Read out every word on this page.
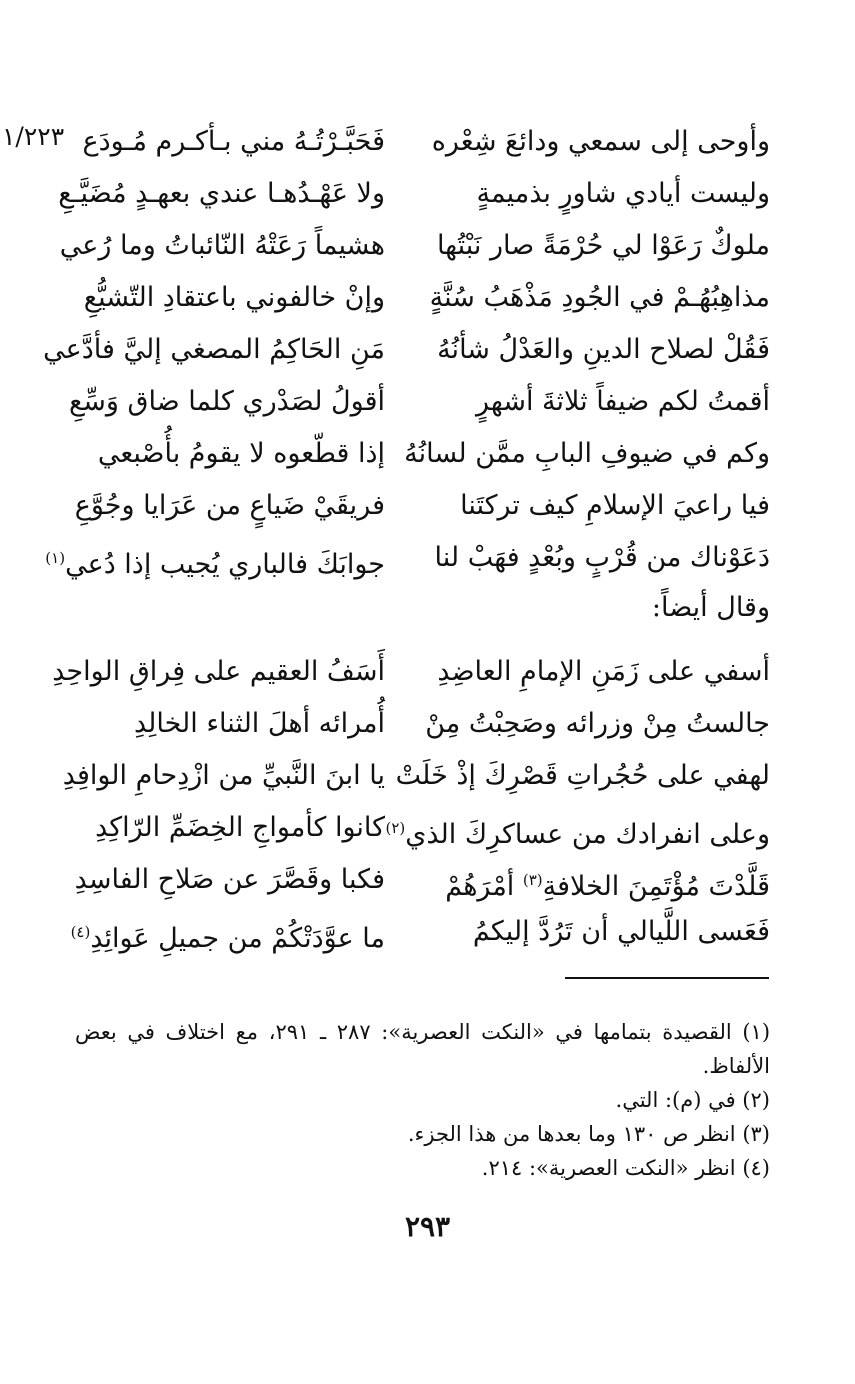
١/٢٢٣	وأوحى إلى سمعي ودائعَ شِعْره
فَحَبَّـرْتُـهُ مني بـأكـرم مُـودَع
وليست أيادي شاورٍ بذميمةٍ
ولا عَهْـدُهـا عندي بعهـدٍ مُضَيَّـعِ
ملوكٌ رَعَوْا لي حُرْمَةً صار نَبْتُها
هشيماً رَعَتْهُ النّائباتُ وما رُعي
مذاهِبُهُـمْ في الجُودِ مَذْهَبُ سُنَّةٍ
وإنْ خالفوني باعتقادِ التّشيُّعِ
فَقُلْ لصلاح الدينِ والعَدْلُ شأنُهُ
مَنِ الحَاكِمُ المصغي إليَّ فأدَّعي
أقمتُ لكم ضيفاً ثلاثةَ أشهرٍ
أقولُ لصَدْري كلما ضاق وَسِّعِ
وكم في ضيوفِ البابِ ممَّن لسانُهُ
إذا قطّعوه لا يقومُ بأُصْبعي
فيا راعيَ الإسلامِ كيف تركتَنا
فريقَيْ ضَياعٍ من عَرَايا وجُوَّعِ
دَعَوْناك من قُرْبٍ وبُعْدٍ فهَبْ لنا
جوابَكَ فالباري يُجيب إذا دُعي$^{(١)}$
وقال أيضاً:
أسفي على زَمَنِ الإمامِ العاضِدِ
أَسَفُ العقيم على فِراقِ الواحِدِ
جالستُ مِنْ وزرائه وصَحِبْتُ مِنْ
أُمرائه أهلَ الثناء الخالِدِ
لهفي على حُجُراتِ قَصْرِكَ إذْ خَلَتْ
يا ابنَ النَّبيِّ من ازْدِحامِ الوافِدِ
وعلى انفرادك من عساكرِكَ الذي$^{(٢)}$
كانوا كأمواجِ الخِضَمِّ الرّاكِدِ
قَلَّدْتَ مُؤْتَمِنَ الخلافةِ$^{(٣)}$ أمْرَهُمْ
فكبا وقَصَّرَ عن صَلاحِ الفاسِدِ
فَعَسى اللَّيالي أن تَرُدَّ إليكمُ
ما عوَّدَتْكُمْ من جميلِ عَوائِدِ$^{(٤)}$
(١) القصيدة بتمامها في «النكت العصرية»: ٢٨٧ ـ ٢٩١، مع اختلاف في بعض الألفاظ.
(٢) في (م): التي.
(٣) انظر ص ١٣٠ وما بعدها من هذا الجزء.
(٤) انظر «النكت العصرية»: ٢١٤.
٢٩٣
